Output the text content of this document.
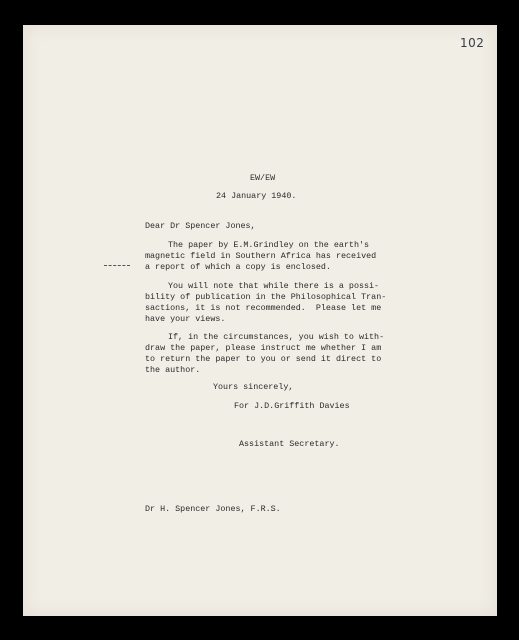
102
EW/EW
24 January 1940.
Dear Dr Spencer Jones,
The paper by E.M.Grindley on the earth's
magnetic field in Southern Africa has received
a report of which a copy is enclosed.
You will note that while there is a possi-
bility of publication in the Philosophical Tran-
sactions, it is not recommended.  Please let me
have your views.
If, in the circumstances, you wish to with-
draw the paper, please instruct me whether I am
to return the paper to you or send it direct to
the author.
Yours sincerely,
For J.D.Griffith Davies
Assistant Secretary.
Dr H. Spencer Jones, F.R.S.
